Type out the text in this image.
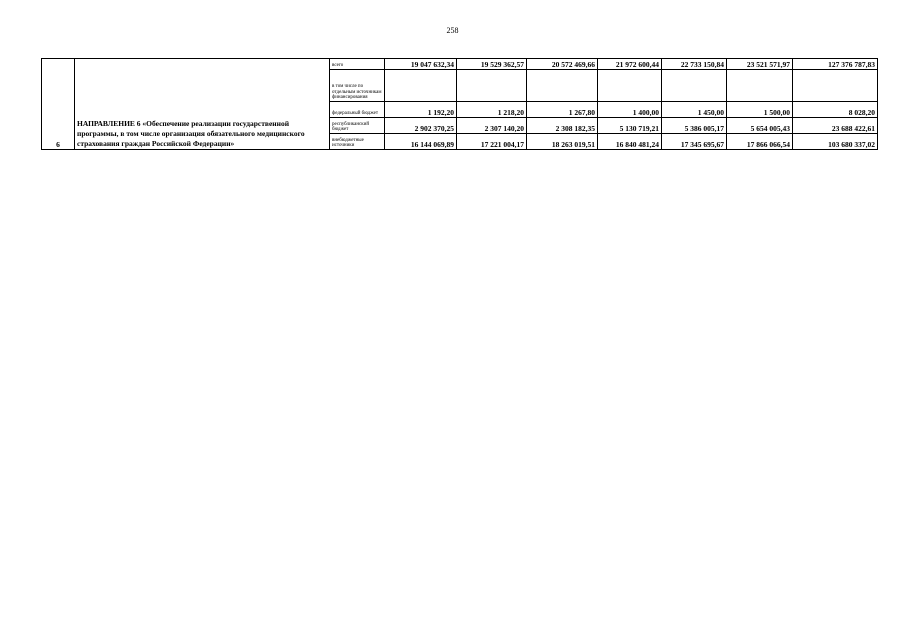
258
6	НАПРАВЛЕНИЕ 6 «Обеспечение реализации государственной программы, в том числе организация обязательного медицинского страхования граждан Российской Федерации»	всего	19 047 632,34	19 529 362,57	20 572 469,66	21 972 600,44	22 733 150,84	23 521 571,97	127 376 787,83
		в том числе по отдельным источникам финансирования							
		федеральный бюджет	1 192,20	1 218,20	1 267,80	1 400,00	1 450,00	1 500,00	8 028,20
		республиканский бюджет	2 902 370,25	2 307 140,20	2 308 182,35	5 130 719,21	5 386 005,17	5 654 005,43	23 688 422,61
		внебюджетные источники	16 144 069,89	17 221 004,17	18 263 019,51	16 840 481,24	17 345 695,67	17 866 066,54	103 680 337,02
